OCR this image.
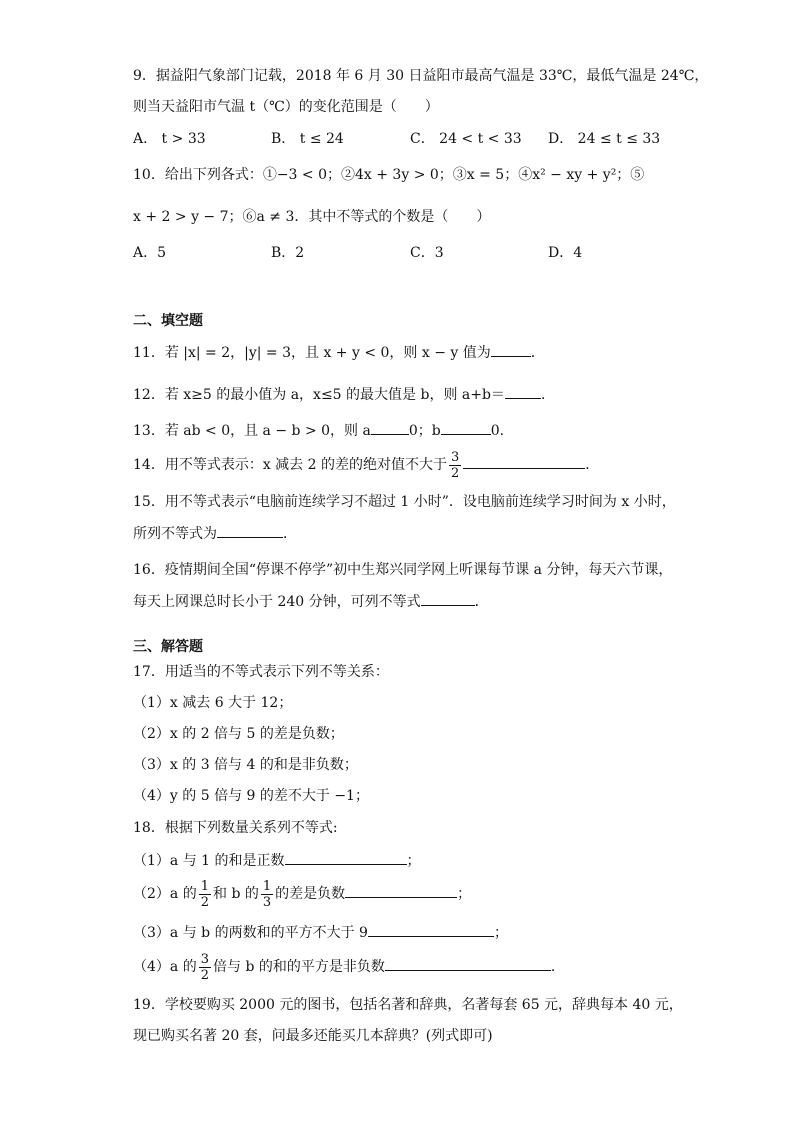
9．据益阳气象部门记载，2018 年 6 月 30 日益阳市最高气温是 33℃，最低气温是 24℃，
则当天益阳市气温 t（℃）的变化范围是（　　）
A． t > 33	B． t ≤ 24	C． 24 < t < 33 D． 24 ≤ t ≤ 33
10．给出下列各式：①−3 < 0；②4x + 3y > 0；③x = 5；④x² − xy + y²；⑤
x + 2 > y − 7；⑥a ≠ 3．其中不等式的个数是（　　）
A．5	B．2	C．3	D．4
二、填空题
11．若 |x| = 2，|y| = 3，且 x + y < 0，则 x − y 值为	．
12．若 x≥5 的最小值为 a，x≤5 的最大值是 b，则 a+b＝	．
13．若 ab < 0，且 a − b > 0，则 a	0；b	0.
14．用不等式表示：x 减去 2 的差的绝对值不大于 $\frac{3}{2}$	．
15．用不等式表示“电脑前连续学习不超过 1 小时”．设电脑前连续学习时间为 x 小时，
所列不等式为	．
16．疫情期间全国“停课不停学”初中生郑兴同学网上听课每节课 a 分钟，每天六节课，
每天上网课总时长小于 240 分钟，可列不等式	．
三、解答题
17．用适当的不等式表示下列不等关系：
（1）x 减去 6 大于 12；
（2）x 的 2 倍与 5 的差是负数；
（3）x 的 3 倍与 4 的和是非负数；
（4）y 的 5 倍与 9 的差不大于 −1；
18．根据下列数量关系列不等式:
（1）a 与 1 的和是正数	；
（2）a 的 $\frac{1}{2}$ 和 b 的 $\frac{1}{3}$ 的差是负数	；
（3）a 与 b 的两数和的平方不大于 9	；
（4）a 的 $\frac{3}{2}$ 倍与 b 的和的平方是非负数	．
19．学校要购买 2000 元的图书，包括名著和辞典，名著每套 65 元，辞典每本 40 元，
现已购买名著 20 套，问最多还能买几本辞典？(列式即可)
